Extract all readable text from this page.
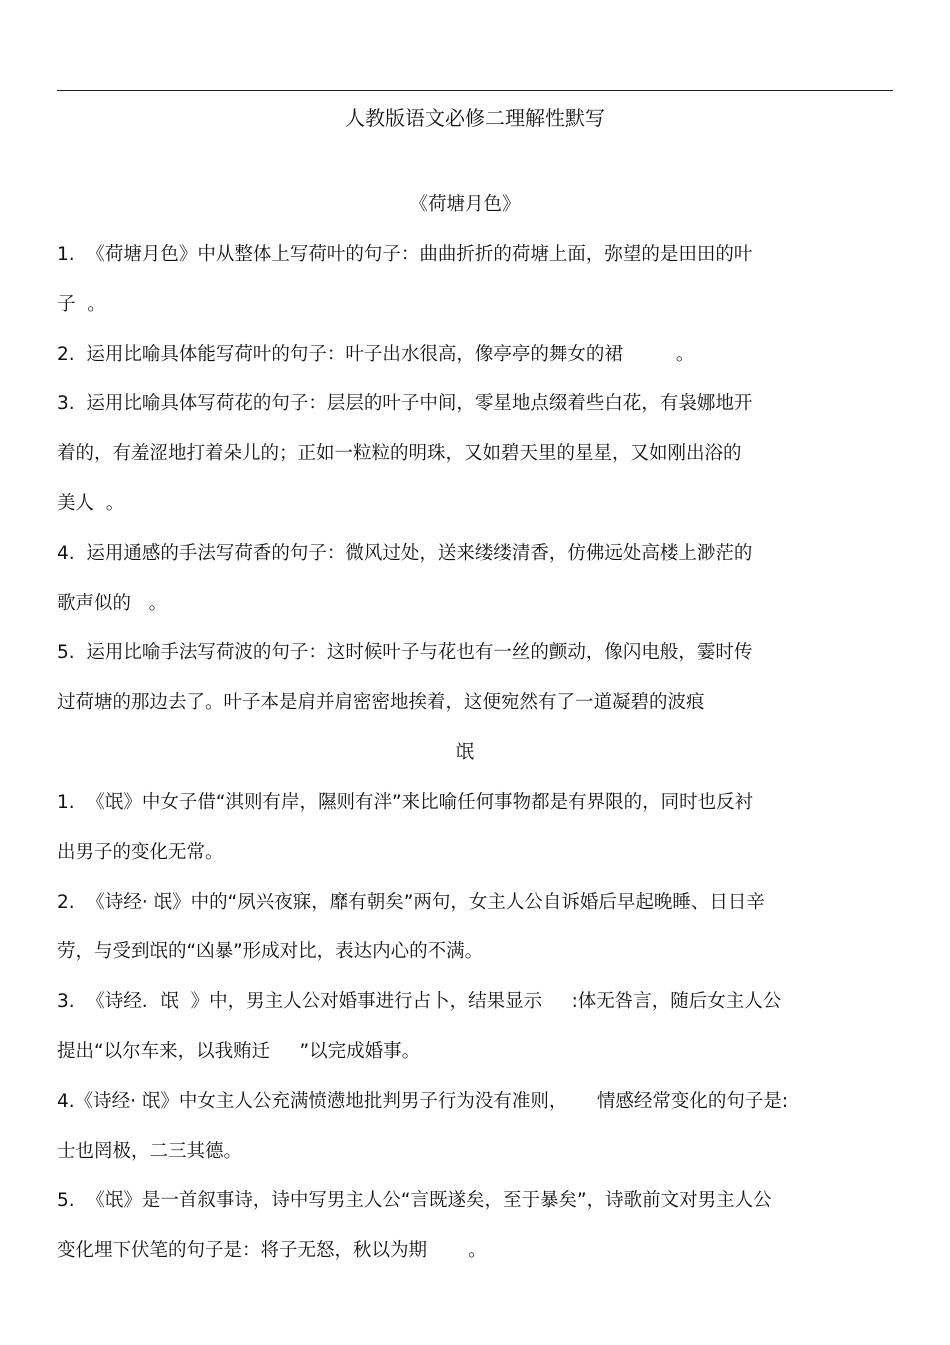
人教版语文必修二理解性默写
《荷塘月色》
1.  《荷塘月色》中从整体上写荷叶的句子：曲曲折折的荷塘上面，弥望的是田田的叶
子  。
2.  运用比喻具体能写荷叶的句子：叶子出水很高，像亭亭的舞女的裙         。
3.  运用比喻具体写荷花的句子：层层的叶子中间，零星地点缀着些白花，有袅娜地开
着的，有羞涩地打着朵儿的；正如一粒粒的明珠，又如碧天里的星星，又如刚出浴的
美人  。
4.  运用通感的手法写荷香的句子：微风过处，送来缕缕清香，仿佛远处高楼上渺茫的
歌声似的   。
5.  运用比喻手法写荷波的句子：这时候叶子与花也有一丝的颤动，像闪电般，霎时传
过荷塘的那边去了。叶子本是肩并肩密密地挨着，这便宛然有了一道凝碧的波痕
氓
1.  《氓》中女子借“淇则有岸，隰则有泮”来比喻任何事物都是有界限的，同时也反衬
出男子的变化无常。
2.  《诗经· 氓》中的“夙兴夜寐，靡有朝矣”两句，女主人公自诉婚后早起晚睡、日日辛
劳，与受到氓的“凶暴”形成对比，表达内心的不满。
3.  《诗经．氓  》中，男主人公对婚事进行占卜，结果显示     :体无咎言，随后女主人公
提出“以尔车来，以我贿迁     ”以完成婚事。
4.《诗经· 氓》中女主人公充满愤懑地批判男子行为没有准则，     情感经常变化的句子是:
士也罔极，二三其德。
5.  《氓》是一首叙事诗，诗中写男主人公“言既遂矣，至于暴矣”，诗歌前文对男主人公
变化埋下伏笔的句子是：将子无怒，秋以为期       。
